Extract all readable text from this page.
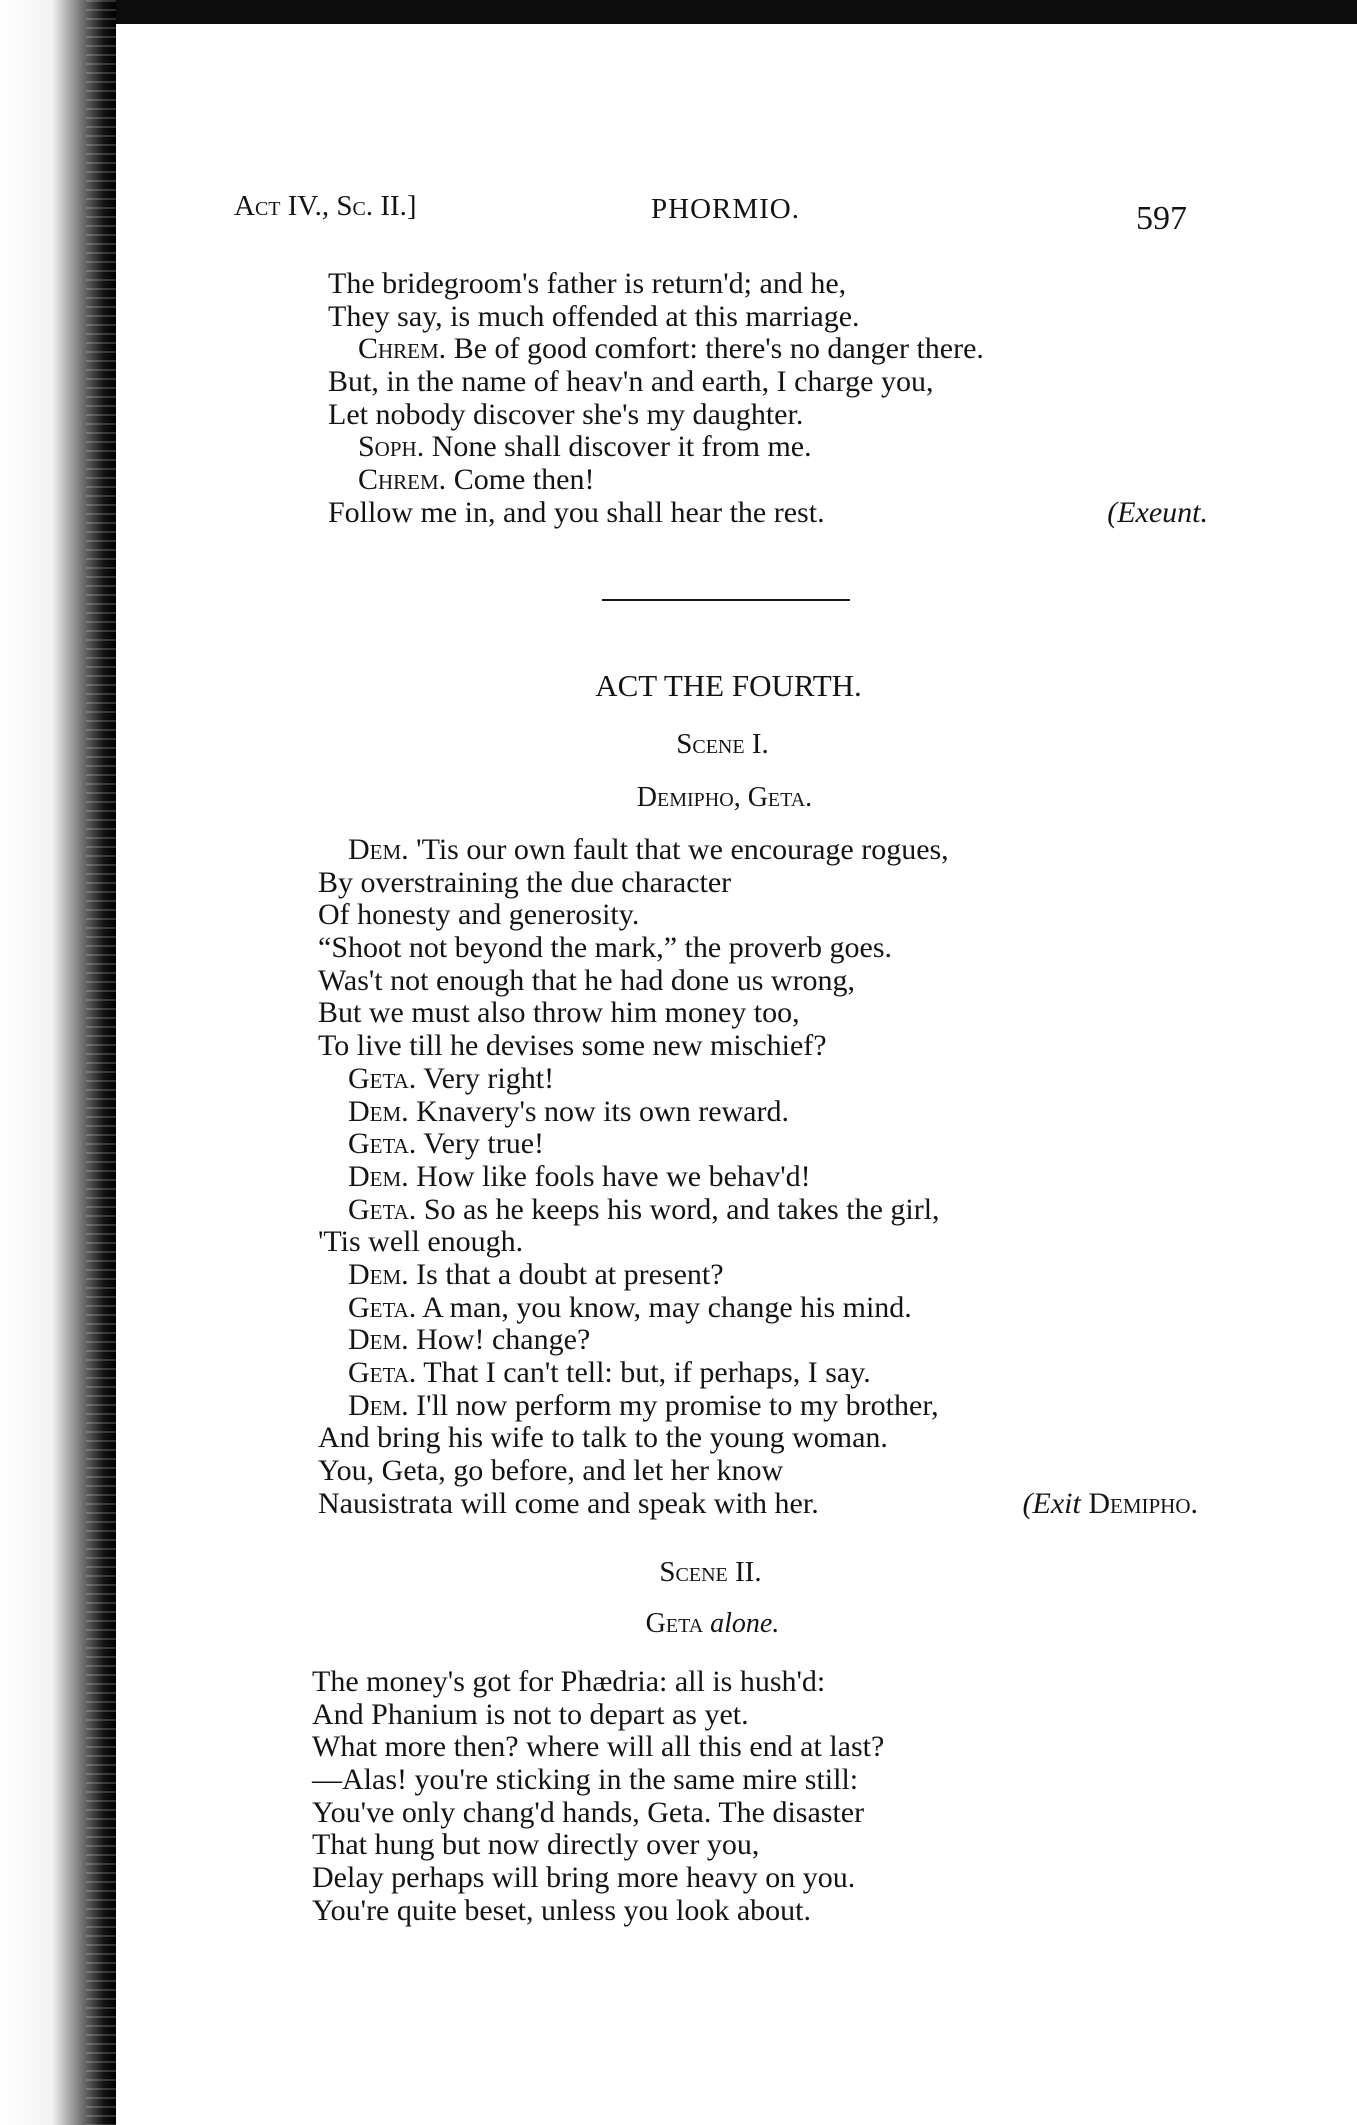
Act IV., Sc. II.]	PHORMIO.	597
The bridegroom's father is return'd; and he,
They say, is much offended at this marriage.
Chrem. Be of good comfort: there's no danger there.
But, in the name of heav'n and earth, I charge you,
Let nobody discover she's my daughter.
Soph. None shall discover it from me.
Chrem. Come then!
Follow me in, and you shall hear the rest.	(Exeunt.
ACT THE FOURTH.
Scene I.
Demipho, Geta.
Dem. 'Tis our own fault that we encourage rogues,
By overstraining the due character
Of honesty and generosity.
“Shoot not beyond the mark,” the proverb goes.
Was't not enough that he had done us wrong,
But we must also throw him money too,
To live till he devises some new mischief?
Geta. Very right!
Dem. Knavery's now its own reward.
Geta. Very true!
Dem. How like fools have we behav'd!
Geta. So as he keeps his word, and takes the girl,
'Tis well enough.
Dem. Is that a doubt at present?
Geta. A man, you know, may change his mind.
Dem. How! change?
Geta. That I can't tell: but, if perhaps, I say.
Dem. I'll now perform my promise to my brother,
And bring his wife to talk to the young woman.
You, Geta, go before, and let her know
Nausistrata will come and speak with her.	(Exit Demipho.
Scene II.
Geta alone.
The money's got for Phædria: all is hush'd:
And Phanium is not to depart as yet.
What more then? where will all this end at last?
—Alas! you're sticking in the same mire still:
You've only chang'd hands, Geta. The disaster
That hung but now directly over you,
Delay perhaps will bring more heavy on you.
You're quite beset, unless you look about.
